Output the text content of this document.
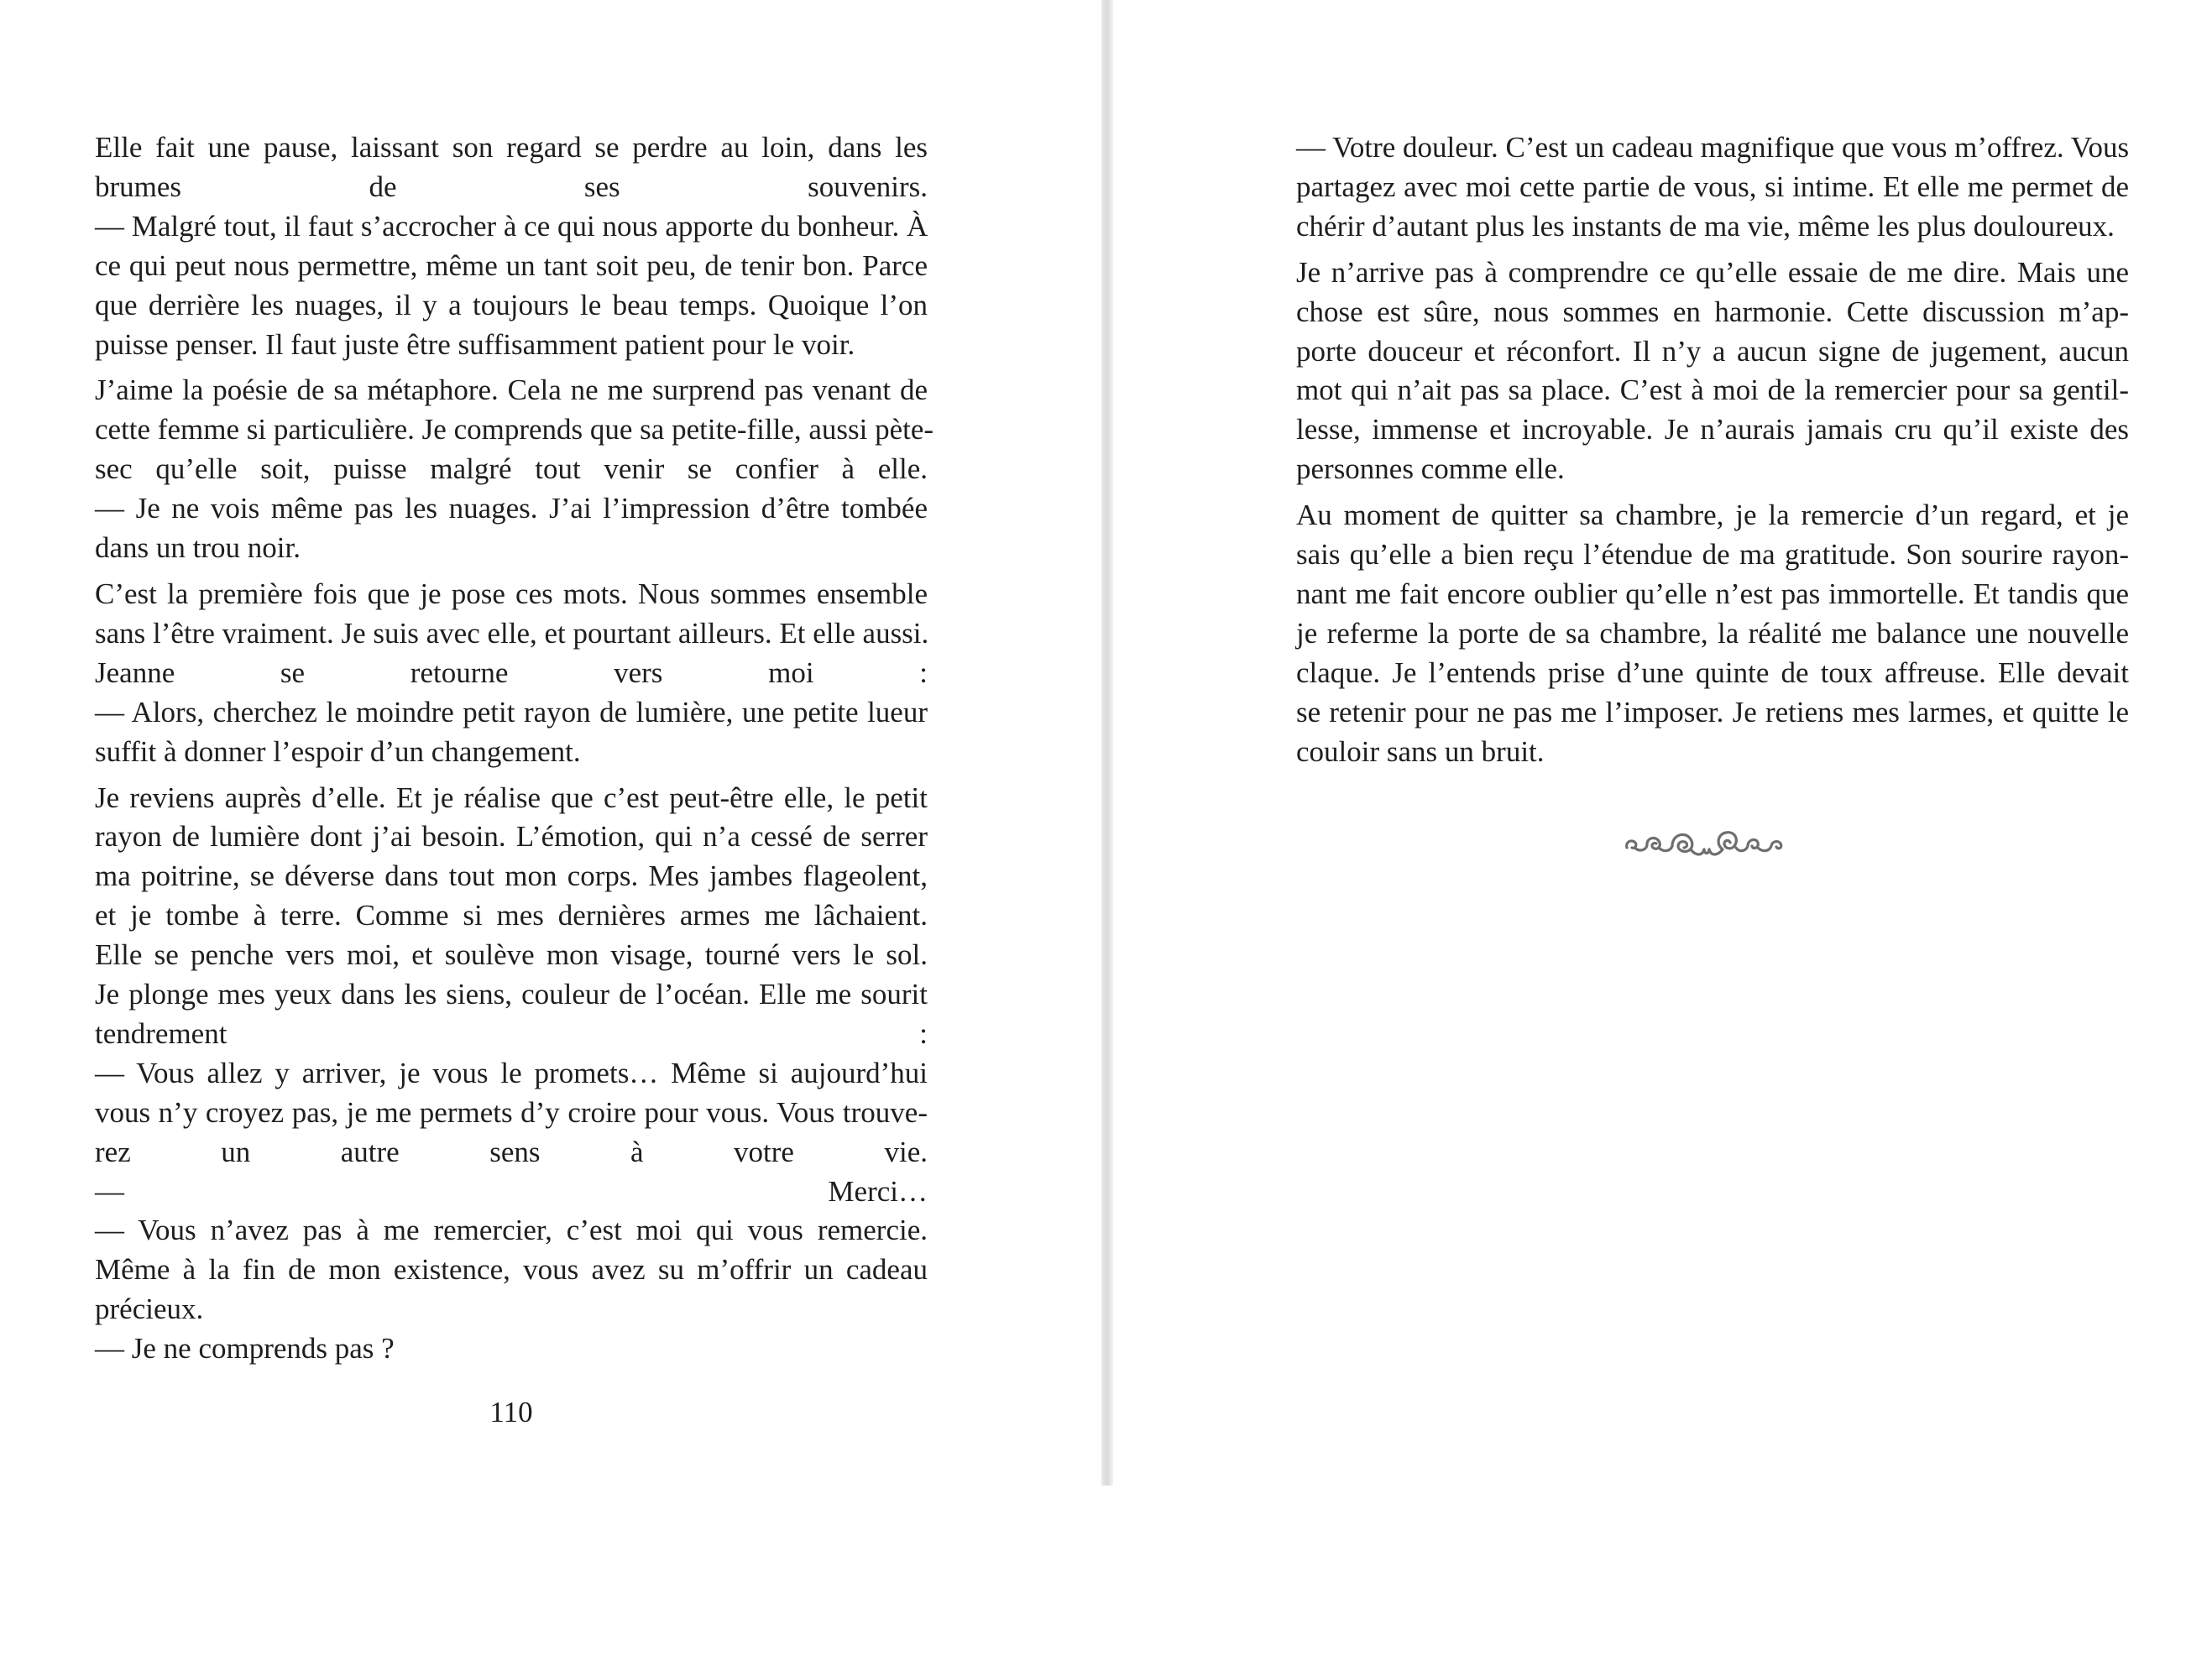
Elle fait une pause, laissant son regard se perdre au loin, dans les
brumes de ses souvenirs.
— Malgré tout, il faut s’accrocher à ce qui nous apporte du bonheur. À
ce qui peut nous permettre, même un tant soit peu, de tenir bon. Parce
que derrière les nuages, il y a toujours le beau temps. Quoique l’on
puisse penser. Il faut juste être suffisamment patient pour le voir.
J’aime la poésie de sa métaphore. Cela ne me surprend pas venant de
cette femme si particulière. Je comprends que sa petite-fille, aussi pète-
sec qu’elle soit, puisse malgré tout venir se confier à elle.
— Je ne vois même pas les nuages. J’ai l’impression d’être tombée
dans un trou noir.
C’est la première fois que je pose ces mots. Nous sommes ensemble
sans l’être vraiment. Je suis avec elle, et pourtant ailleurs. Et elle aussi.
Jeanne se retourne vers moi :
— Alors, cherchez le moindre petit rayon de lumière, une petite lueur
suffit à donner l’espoir d’un changement.
Je reviens auprès d’elle. Et je réalise que c’est peut-être elle, le petit
rayon de lumière dont j’ai besoin. L’émotion, qui n’a cessé de serrer
ma poitrine, se déverse dans tout mon corps. Mes jambes flageolent,
et je tombe à terre. Comme si mes dernières armes me lâchaient.
Elle se penche vers moi, et soulève mon visage, tourné vers le sol.
Je plonge mes yeux dans les siens, couleur de l’océan. Elle me sourit
tendrement :
— Vous allez y arriver, je vous le promets… Même si aujourd’hui
vous n’y croyez pas, je me permets d’y croire pour vous. Vous trouve-
rez un autre sens à votre vie.
— Merci…
— Vous n’avez pas à me remercier, c’est moi qui vous remercie.
Même à la fin de mon existence, vous avez su m’offrir un cadeau
précieux.
— Je ne comprends pas ?
110
— Votre douleur. C’est un cadeau magnifique que vous m’offrez. Vous
partagez avec moi cette partie de vous, si intime. Et elle me permet de
chérir d’autant plus les instants de ma vie, même les plus douloureux.
Je n’arrive pas à comprendre ce qu’elle essaie de me dire. Mais une
chose est sûre, nous sommes en harmonie. Cette discussion m’ap-
porte douceur et réconfort. Il n’y a aucun signe de jugement, aucun
mot qui n’ait pas sa place. C’est à moi de la remercier pour sa gentil-
lesse, immense et incroyable. Je n’aurais jamais cru qu’il existe des
personnes comme elle.
Au moment de quitter sa chambre, je la remercie d’un regard, et je
sais qu’elle a bien reçu l’étendue de ma gratitude. Son sourire rayon-
nant me fait encore oublier qu’elle n’est pas immortelle. Et tandis que
je referme la porte de sa chambre, la réalité me balance une nouvelle
claque. Je l’entends prise d’une quinte de toux affreuse. Elle devait
se retenir pour ne pas me l’imposer. Je retiens mes larmes, et quitte le
couloir sans un bruit.
